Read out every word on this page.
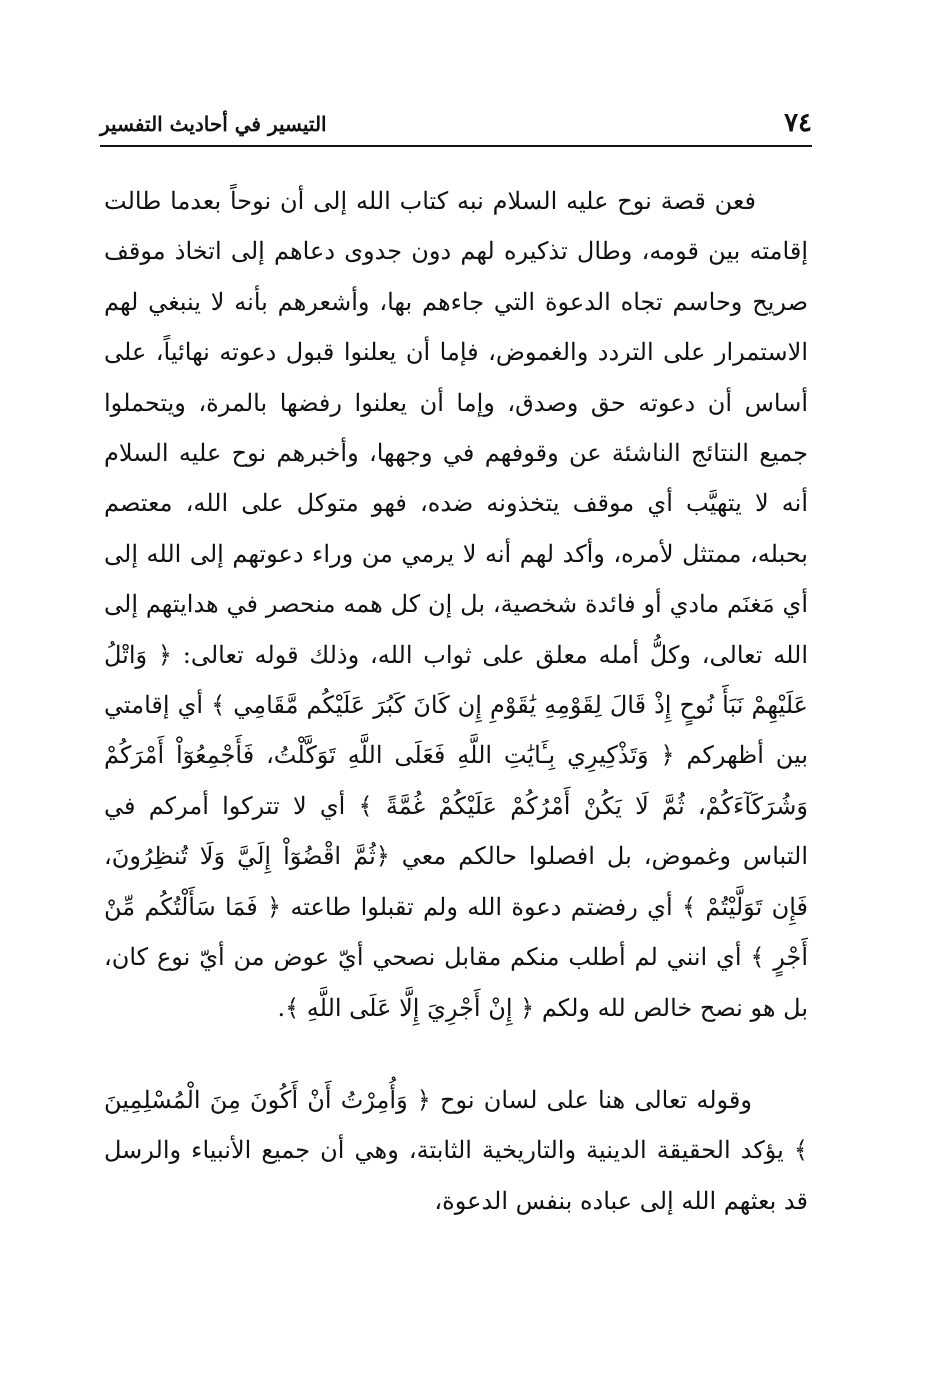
٧٤
التيسير في أحاديث التفسير

فعن قصة نوح عليه السلام نبه كتاب الله إلى أن نوحاً بعدما طالت إقامته بين قومه، وطال تذكيره لهم دون جدوى دعاهم إلى اتخاذ موقف صريح وحاسم تجاه الدعوة التي جاءهم بها، وأشعرهم بأنه لا ينبغي لهم الاستمرار على التردد والغموض، فإما أن يعلنوا قبول دعوته نهائياً، على أساس أن دعوته حق وصدق، وإما أن يعلنوا رفضها بالمرة، ويتحملوا جميع النتائج الناشئة عن وقوفهم في وجهها، وأخبرهم نوح عليه السلام أنه لا يتهيَّب أي موقف يتخذونه ضده، فهو متوكل على الله، معتصم بحبله، ممتثل لأمره، وأكد لهم أنه لا يرمي من وراء دعوتهم إلى الله إلى أي مَغنَم مادي أو فائدة شخصية، بل إن كل همه منحصر في هدايتهم إلى الله تعالى، وكلُّ أمله معلق على ثواب الله، وذلك قوله تعالى: ﴿ وَاتْلُ عَلَيْهِمْ نَبَأَ نُوحٍ إِذْ قَالَ لِقَوْمِهِ يَٰقَوْمِ إِن كَانَ كَبُرَ عَلَيْكُم مَّقَامِي ﴾ أي إقامتي بين أظهركم ﴿ وَتَذْكِيرِي بِـَٔايَٰتِ اللَّهِ فَعَلَى اللَّهِ تَوَكَّلْتُ، فَأَجْمِعُوٓاْ أَمْرَكُمْ وَشُرَكَآءَكُمْ، ثُمَّ لَا يَكُنْ أَمْرُكُمْ عَلَيْكُمْ غُمَّةً ﴾ أي لا تتركوا أمركم في التباس وغموض، بل افصلوا حالكم معي ﴿ثُمَّ اقْضُوٓاْ إِلَيَّ وَلَا تُنظِرُونَ، فَإِن تَوَلَّيْتُمْ ﴾ أي رفضتم دعوة الله ولم تقبلوا طاعته ﴿ فَمَا سَأَلْتُكُم مِّنْ أَجْرٍ ﴾ أي انني لم أطلب منكم مقابل نصحي أيّ عوض من أيّ نوع كان، بل هو نصح خالص لله ولكم ﴿ إِنْ أَجْرِيَ إِلَّا عَلَى اللَّهِ ﴾.

وقوله تعالى هنا على لسان نوح ﴿ وَأُمِرْتُ أَنْ أَكُونَ مِنَ الْمُسْلِمِينَ ﴾ يؤكد الحقيقة الدينية والتاريخية الثابتة، وهي أن جميع الأنبياء والرسل قد بعثهم الله إلى عباده بنفس الدعوة،
